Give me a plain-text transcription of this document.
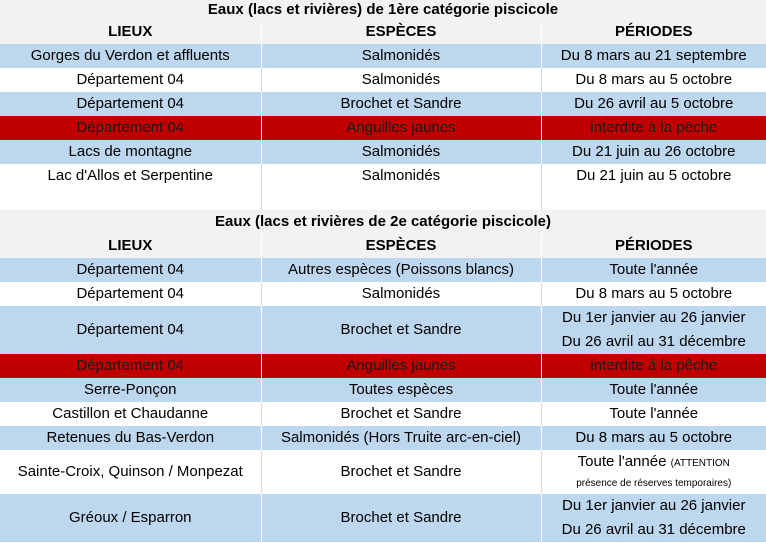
Eaux (lacs et rivières) de 1ère catégorie piscicole		
LIEUX	ESPÈCES	PÉRIODES
Gorges du Verdon et affluents	Salmonidés	Du 8 mars au 21 septembre
Département 04	Salmonidés	Du 8 mars au 5 octobre
Département 04	Brochet et Sandre	Du 26 avril au 5 octobre
Département 04	Anguilles jaunes	interdite à la pêche
Lacs de montagne	Salmonidés	Du 21 juin au 26 octobre
Lac d'Allos et Serpentine	Salmonidés	Du 21 juin au 5 octobre

Eaux (lacs et rivières de 2e catégorie piscicole)		
LIEUX	ESPÈCES	PÉRIODES
Département 04	Autres espèces (Poissons blancs)	Toute l'année
Département 04	Salmonidés	Du 8 mars au 5 octobre
Département 04	Brochet et Sandre	Du 1er janvier au 26 janvier
Du 26 avril au 31 décembre

Département 04	Anguilles jaunes	interdite à la pêche
Serre-Ponçon	Toutes espèces	Toute l'année
Castillon et Chaudanne	Brochet et Sandre	Toute l'année
Retenues du Bas-Verdon	Salmonidés (Hors Truite arc-en-ciel)	Du 8 mars au 5 octobre
Sainte-Croix, Quinson / Monpezat	Brochet et Sandre	Toute l'année (ATTENTION
présence de réserves temporaires)

Gréoux / Esparron	Brochet et Sandre	Du 1er janvier au 26 janvier
Du 26 avril au 31 décembre
